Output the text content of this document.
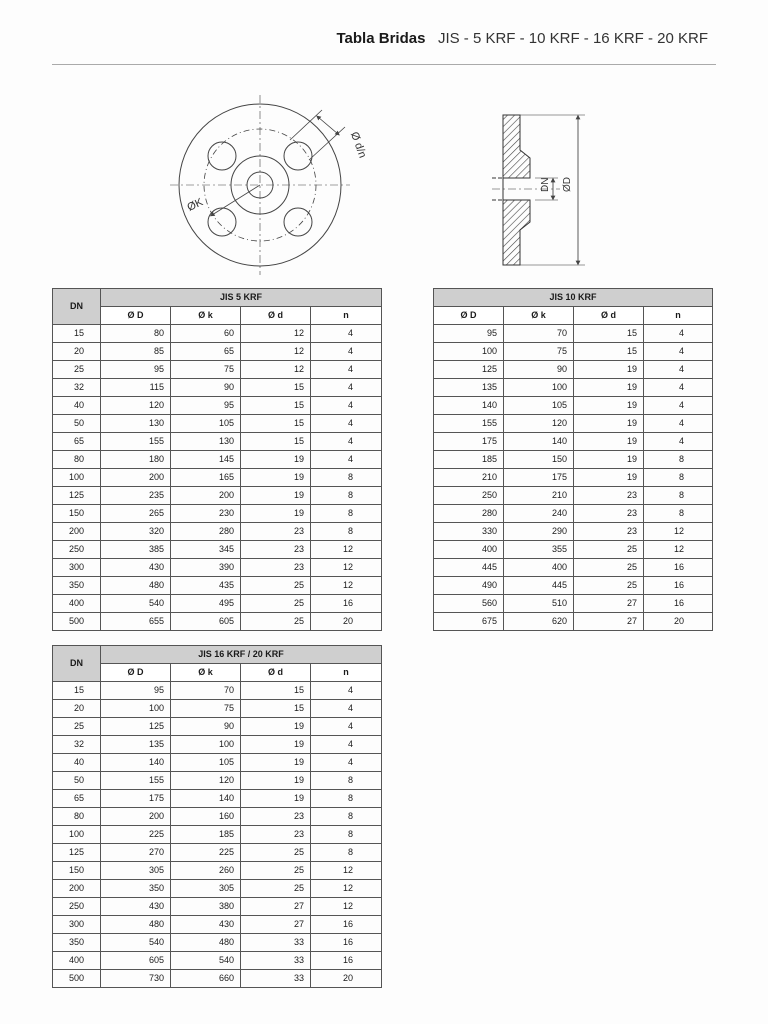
Tabla Bridas JIS - 5 KRF - 10 KRF - 16 KRF - 20 KRF
ØK
Ø d/n
DN ØD
DN	JIS 5 KRF			
	Ø D	Ø k	Ø d	n
15	80	60	12	4
20	85	65	12	4
25	95	75	12	4
32	115	90	15	4
40	120	95	15	4
50	130	105	15	4
65	155	130	15	4
80	180	145	19	4
100	200	165	19	8
125	235	200	19	8
150	265	230	19	8
200	320	280	23	8
250	385	345	23	12
300	430	390	23	12
350	480	435	25	12
400	540	495	25	16
500	655	605	25	20
JIS 10 KRF			
Ø D	Ø k	Ø d	n
95	70	15	4
100	75	15	4
125	90	19	4
135	100	19	4
140	105	19	4
155	120	19	4
175	140	19	4
185	150	19	8
210	175	19	8
250	210	23	8
280	240	23	8
330	290	23	12
400	355	25	12
445	400	25	16
490	445	25	16
560	510	27	16
675	620	27	20
DN	JIS 16 KRF / 20 KRF			
	Ø D	Ø k	Ø d	n
15	95	70	15	4
20	100	75	15	4
25	125	90	19	4
32	135	100	19	4
40	140	105	19	4
50	155	120	19	8
65	175	140	19	8
80	200	160	23	8
100	225	185	23	8
125	270	225	25	8
150	305	260	25	12
200	350	305	25	12
250	430	380	27	12
300	480	430	27	16
350	540	480	33	16
400	605	540	33	16
500	730	660	33	20
